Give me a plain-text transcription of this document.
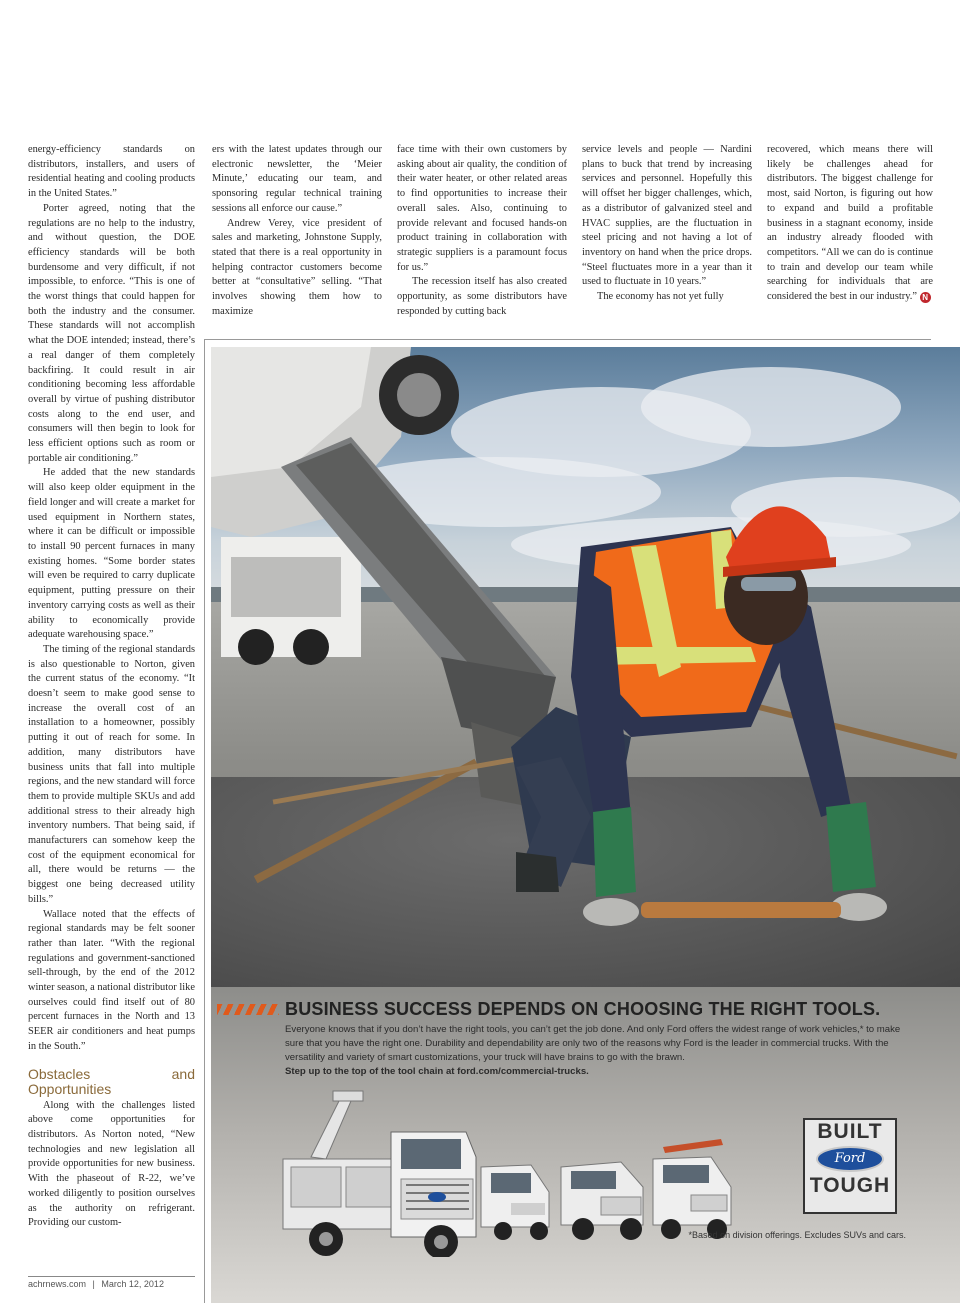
energy-efficiency standards on distributors, installers, and users of residential heating and cooling products in the United States.”

Porter agreed, noting that the regulations are no help to the industry, and without question, the DOE efficiency standards will be both burdensome and very difficult, if not impossible, to enforce. “This is one of the worst things that could happen for both the industry and the consumer. These standards will not accomplish what the DOE intended; instead, there’s a real danger of them completely backfiring. It could result in air conditioning becoming less affordable overall by virtue of pushing distributor costs along to the end user, and consumers will then begin to look for less efficient options such as room or portable air conditioning.”

He added that the new standards will also keep older equipment in the field longer and will create a market for used equipment in Northern states, where it can be difficult or impossible to install 90 percent furnaces in many existing homes. “Some border states will even be required to carry duplicate equipment, putting pressure on their inventory carrying costs as well as their ability to economically provide adequate warehousing space.”

The timing of the regional standards is also questionable to Norton, given the current status of the economy. “It doesn’t seem to make good sense to increase the overall cost of an installation to a homeowner, possibly putting it out of reach for some. In addition, many distributors have business units that fall into multiple regions, and the new standard will force them to provide multiple SKUs and add additional stress to their already high inventory numbers. That being said, if manufacturers can somehow keep the cost of the equipment economical for all, there would be returns — the biggest one being decreased utility bills.”

Wallace noted that the effects of regional standards may be felt sooner rather than later. “With the regional regulations and government-sanctioned sell-through, by the end of the 2012 winter season, a national distributor like ourselves could find itself out of 80 percent furnaces in the North and 13 SEER air conditioners and heat pumps in the South.”

Obstacles and Opportunities

Along with the challenges listed above come opportunities for distributors. As Norton noted, “New technologies and new legislation all provide opportunities for new business. With the phaseout of R-22, we’ve worked diligently to position ourselves as the authority on refrigerant. Providing our custom-

ers with the latest updates through our electronic newsletter, the ‘Meier Minute,’ educating our team, and sponsoring regular technical training sessions all enforce our cause.”

Andrew Verey, vice president of sales and marketing, Johnstone Supply, stated that there is a real opportunity in helping contractor customers become better at “consultative” selling. “That involves showing them how to maximize

face time with their own customers by asking about air quality, the condition of their water heater, or other related areas to find opportunities to increase their overall sales. Also, continuing to provide relevant and focused hands-on product training in collaboration with strategic suppliers is a paramount focus for us.”

The recession itself has also created opportunity, as some distributors have responded by cutting back

service levels and people — Nardini plans to buck that trend by increasing services and personnel. Hopefully this will offset her bigger challenges, which, as a distributor of galvanized steel and HVAC supplies, are the fluctuation in steel pricing and not having a lot of inventory on hand when the price drops. “Steel fluctuates more in a year than it used to fluctuate in 10 years.”

The economy has not yet fully

recovered, which means there will likely be challenges ahead for distributors. The biggest challenge for most, said Norton, is figuring out how to expand and build a profitable business in a stagnant economy, inside an industry already flooded with competitors. “All we can do is continue to train and develop our team while searching for individuals that are considered the best in our industry.” N

achrnews.com | March 12, 2012
BUSINESS SUCCESS DEPENDS ON CHOOSING THE RIGHT TOOLS.
Everyone knows that if you don’t have the right tools, you can’t get the job done. And only Ford offers the widest range of work vehicles,* to make sure that you have the right one. Durability and dependability are only two of the reasons why Ford is the leader in commercial trucks. With the versatility and variety of smart customizations, your truck will have brains to go with the brawn.
Step up to the top of the tool chain at ford.com/commercial-trucks.
BUILT
Ford
TOUGH
*Based on division offerings. Excludes SUVs and cars.
